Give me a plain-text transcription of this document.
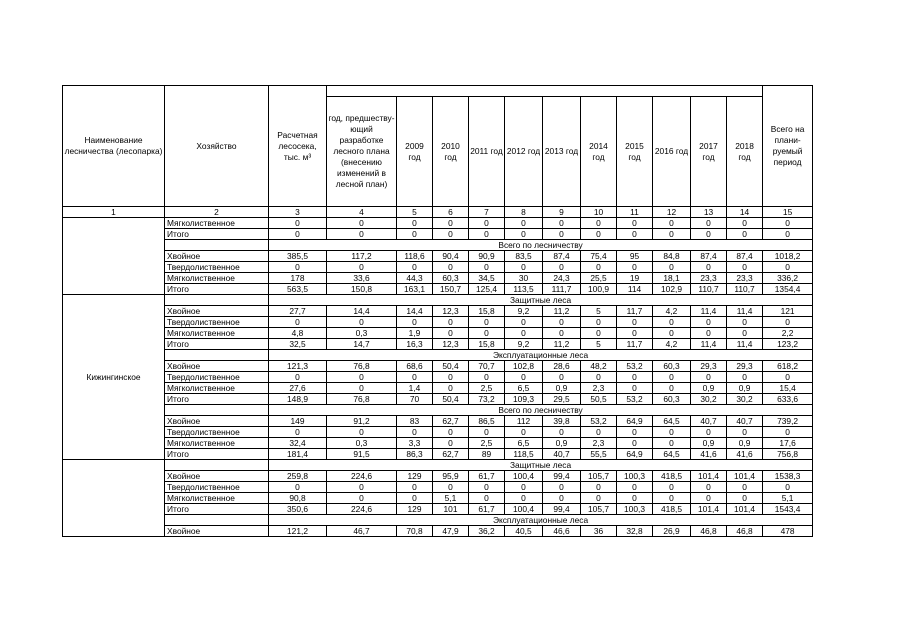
Наименование лесничества (лесопарка)	Хозяйство	Расчетная лесосека, тыс. м³												Всего на плани-руемый период
			год, предшеству-ющий разработке лесного плана (внесению изменений в лесной план)	2009 год	2010 год	2011 год	2012 год	2013 год	2014 год	2015 год	2016 год	2017 год	2018 год	
1	2	3	4	5	6	7	8	9	10	11	12	13	14	15
	Мягколиственное	0	0	0	0	0	0	0	0	0	0	0	0	0
	Итого	0	0	0	0	0	0	0	0	0	0	0	0	0
		Всего по лесничеству												
	Хвойное	385,5	117,2	118,6	90,4	90,9	83,5	87,4	75,4	95	84,8	87,4	87,4	1018,2
	Твердолиственное	0	0	0	0	0	0	0	0	0	0	0	0	0
	Мягколиственное	178	33,6	44,3	60,3	34,5	30	24,3	25,5	19	18,1	23,3	23,3	336,2
	Итого	563,5	150,8	163,1	150,7	125,4	113,5	111,7	100,9	114	102,9	110,7	110,7	1354,4
Кижингинское		Защитные леса												
	Хвойное	27,7	14,4	14,4	12,3	15,8	9,2	11,2	5	11,7	4,2	11,4	11,4	121
	Твердолиственное	0	0	0	0	0	0	0	0	0	0	0	0	0
	Мягколиственное	4,8	0,3	1,9	0	0	0	0	0	0	0	0	0	2,2
	Итого	32,5	14,7	16,3	12,3	15,8	9,2	11,2	5	11,7	4,2	11,4	11,4	123,2
		Эксплуатационные леса												
	Хвойное	121,3	76,8	68,6	50,4	70,7	102,8	28,6	48,2	53,2	60,3	29,3	29,3	618,2
	Твердолиственное	0	0	0	0	0	0	0	0	0	0	0	0	0
	Мягколиственное	27,6	0	1,4	0	2,5	6,5	0,9	2,3	0	0	0,9	0,9	15,4
	Итого	148,9	76,8	70	50,4	73,2	109,3	29,5	50,5	53,2	60,3	30,2	30,2	633,6
		Всего по лесничеству												
	Хвойное	149	91,2	83	62,7	86,5	112	39,8	53,2	64,9	64,5	40,7	40,7	739,2
	Твердолиственное	0	0	0	0	0	0	0	0	0	0	0	0	0
	Мягколиственное	32,4	0,3	3,3	0	2,5	6,5	0,9	2,3	0	0	0,9	0,9	17,6
	Итого	181,4	91,5	86,3	62,7	89	118,5	40,7	55,5	64,9	64,5	41,6	41,6	756,8
		Защитные леса												
	Хвойное	259,8	224,6	129	95,9	61,7	100,4	99,4	105,7	100,3	418,5	101,4	101,4	1538,3
	Твердолиственное	0	0	0	0	0	0	0	0	0	0	0	0	0
	Мягколиственное	90,8	0	0	5,1	0	0	0	0	0	0	0	0	5,1
	Итого	350,6	224,6	129	101	61,7	100,4	99,4	105,7	100,3	418,5	101,4	101,4	1543,4
		Эксплуатационные леса												
	Хвойное	121,2	46,7	70,8	47,9	36,2	40,5	46,6	36	32,8	26,9	46,8	46,8	478
